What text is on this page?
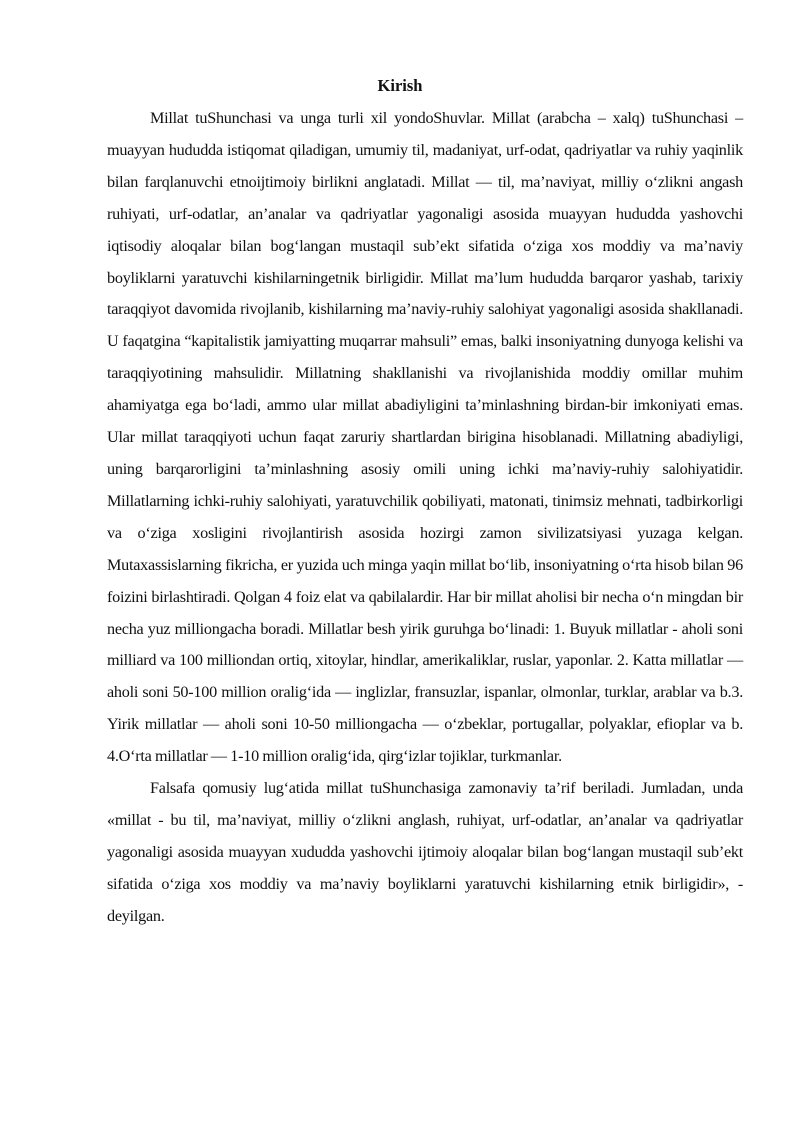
Kirish

Millat tuShunchasi va unga turli xil yondoShuvlar. Millat (arabcha – xalq) tuShunchasi – muayyan hududda istiqomat qiladigan, umumiy til, madaniyat, urf-odat, qadriyatlar va ruhiy yaqinlik bilan farqlanuvchi etnoijtimoiy birlikni anglatadi. Millat — til, ma’naviyat, milliy o‘zlikni angash ruhiyati, urf-odatlar, an’analar va qadriyatlar yagonaligi asosida muayyan hududda yashovchi iqtisodiy aloqalar bilan bog‘langan mustaqil sub’ekt sifatida o‘ziga xos moddiy va ma’naviy boyliklarni yaratuvchi kishilarningetnik birligidir. Millat ma’lum hududda barqaror yashab, tarixiy taraqqiyot davomida rivojlanib, kishilarning ma’naviy-ruhiy salohiyat yagonaligi asosida shakllanadi. U faqatgina “kapitalistik jamiyatting muqarrar mahsuli” emas, balki insoniyatning dunyoga kelishi va taraqqiyotining mahsulidir. Millatning shakllanishi va rivojlanishida moddiy omillar muhim ahamiyatga ega bo‘ladi, ammo ular millat abadiyligini ta’minlashning birdan-bir imkoniyati emas. Ular millat taraqqiyoti uchun faqat zaruriy shartlardan birigina hisoblanadi. Millatning abadiyligi, uning barqarorligini ta’minlashning asosiy omili uning ichki ma’naviy-ruhiy salohiyatidir. Millatlarning ichki-ruhiy salohiyati, yaratuvchilik qobiliyati, matonati, tinimsiz mehnati, tadbirkorligi va o‘ziga xosligini rivojlantirish asosida hozirgi zamon sivilizatsiyasi yuzaga kelgan. Mutaxassislarning fikricha, er yuzida uch minga yaqin millat bo‘lib, insoniyatning o‘rta hisob bilan 96 foizini birlashtiradi. Qolgan 4 foiz elat va qabilalardir. Har bir millat aholisi bir necha o‘n mingdan bir necha yuz milliongacha boradi. Millatlar besh yirik guruhga bo‘linadi: 1. Buyuk millatlar - aholi soni milliard va 100 milliondan ortiq, xitoylar, hindlar, amerikaliklar, ruslar, yaponlar. 2. Katta millatlar — aholi soni 50-100 million oralig‘ida — inglizlar, fransuzlar, ispanlar, olmonlar, turklar, arablar va b.3. Yirik millatlar — aholi soni 10-50 milliongacha — o‘zbeklar, portugallar, polyaklar, efioplar va b. 4.O‘rta millatlar — 1-10 million oralig‘ida, qirg‘izlar tojiklar, turkmanlar.

Falsafa qomusiy lug‘atida millat tuShunchasiga zamonaviy ta’rif beriladi. Jumladan, unda «millat - bu til, ma’naviyat, milliy o‘zlikni anglash, ruhiyat, urf-odatlar, an’analar va qadriyatlar yagonaligi asosida muayyan xududda yashovchi ijtimoiy aloqalar bilan bog‘langan mustaqil sub’ekt sifatida o‘ziga xos moddiy va ma’naviy boyliklarni yaratuvchi kishilarning etnik birligidir», - deyilgan.
